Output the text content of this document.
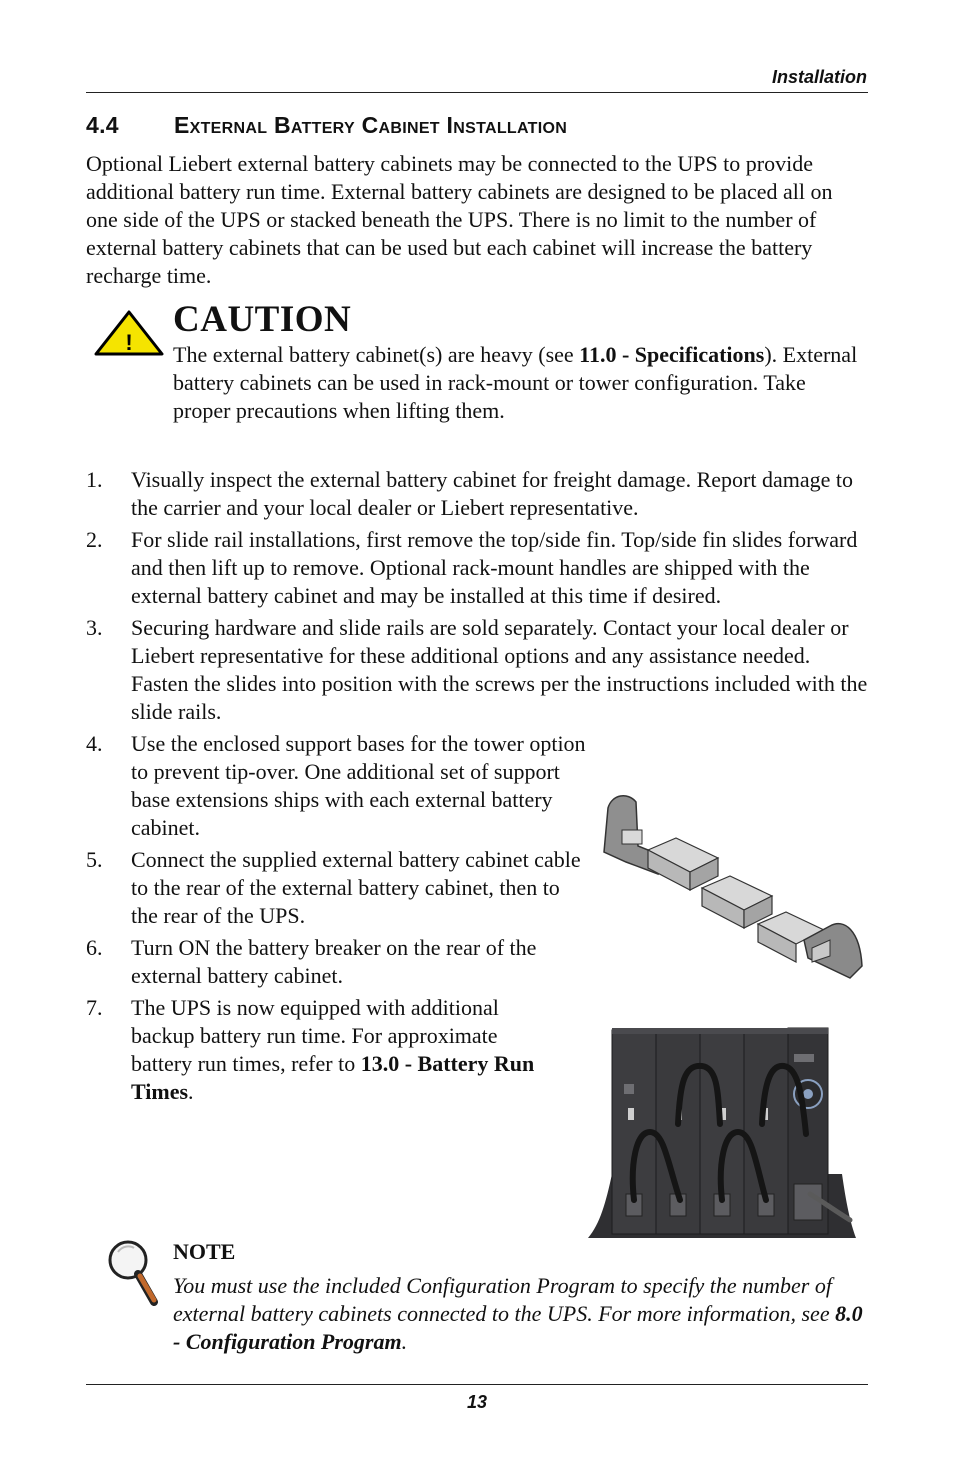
Installation
4.4 External Battery Cabinet Installation

Optional Liebert external battery cabinets may be connected to the UPS to provide additional battery run time. External battery cabinets are designed to be placed all on one side of the UPS or stacked beneath the UPS. There is no limit to the number of external battery cabinets that can be used but each cabinet will increase the battery recharge time.

!
CAUTION

The external battery cabinet(s) are heavy (see 11.0 - Specifications). External battery cabinets can be used in rack-mount or tower configuration. Take proper precautions when lifting them.

1. Visually inspect the external battery cabinet for freight damage. Report damage to the carrier and your local dealer or Liebert representative.
2. For slide rail installations, first remove the top/side fin. Top/side fin slides forward and then lift up to remove. Optional rack-mount handles are shipped with the external battery cabinet and may be installed at this time if desired.
3. Securing hardware and slide rails are sold separately. Contact your local dealer or Liebert representative for these additional options and any assistance needed. Fasten the slides into position with the screws per the instructions included with the slide rails.
4. Use the enclosed support bases for the tower option to prevent tip-over. One additional set of support base extensions ships with each external battery cabinet.
5. Connect the supplied external battery cabinet cable to the rear of the external battery cabinet, then to the rear of the UPS.
6. Turn ON the battery breaker on the rear of the external battery cabinet.
7. The UPS is now equipped with additional backup battery run time. For approximate battery run times, refer to 13.0 - Battery Run Times.
NOTE

You must use the included Configuration Program to specify the number of external battery cabinets connected to the UPS. For more information, see 8.0 - Configuration Program.

13
